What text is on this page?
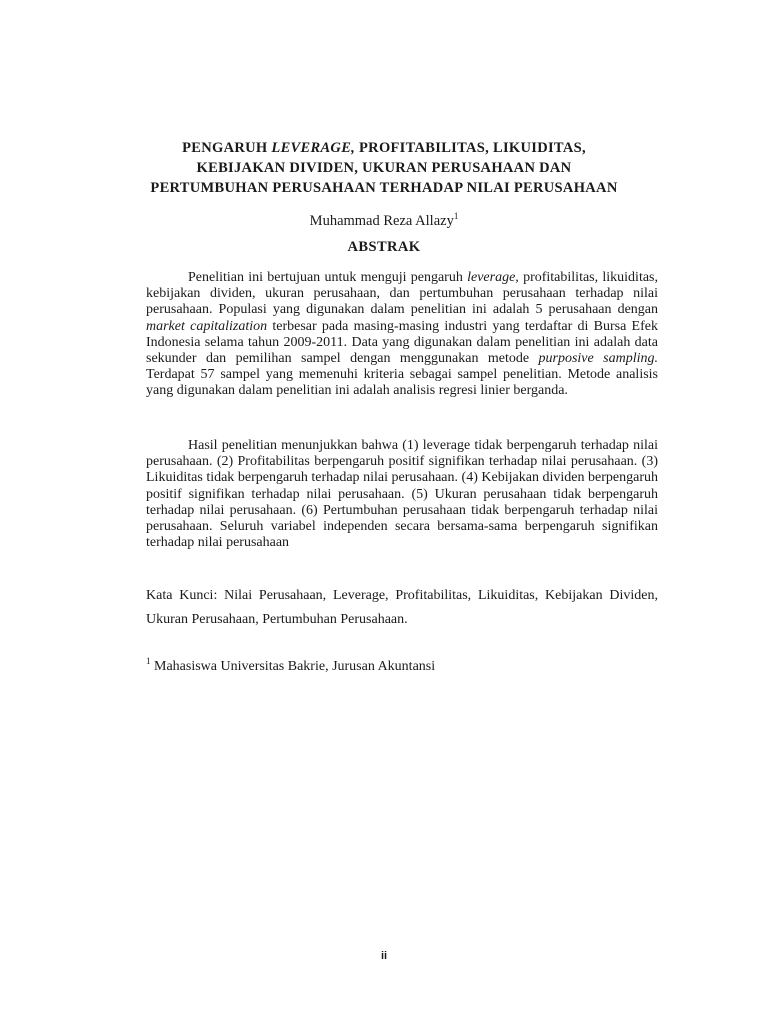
PENGARUH LEVERAGE, PROFITABILITAS, LIKUIDITAS,
KEBIJAKAN DIVIDEN, UKURAN PERUSAHAAN DAN
PERTUMBUHAN PERUSAHAAN TERHADAP NILAI PERUSAHAAN
Muhammad Reza Allazy$^1$
ABSTRAK

Penelitian ini bertujuan untuk menguji pengaruh leverage, profitabilitas, likuiditas, kebijakan dividen, ukuran perusahaan, dan pertumbuhan perusahaan terhadap nilai perusahaan. Populasi yang digunakan dalam penelitian ini adalah 5 perusahaan dengan market capitalization terbesar pada masing-masing industri yang terdaftar di Bursa Efek Indonesia selama tahun 2009-2011. Data yang digunakan dalam penelitian ini adalah data sekunder dan pemilihan sampel dengan menggunakan metode purposive sampling. Terdapat 57 sampel yang memenuhi kriteria sebagai sampel penelitian. Metode analisis yang digunakan dalam penelitian ini adalah analisis regresi linier berganda.

Hasil penelitian menunjukkan bahwa (1) leverage tidak berpengaruh terhadap nilai perusahaan. (2) Profitabilitas berpengaruh positif signifikan terhadap nilai perusahaan. (3) Likuiditas tidak berpengaruh terhadap nilai perusahaan. (4) Kebijakan dividen berpengaruh positif signifikan terhadap nilai perusahaan. (5) Ukuran perusahaan tidak berpengaruh terhadap nilai perusahaan. (6) Pertumbuhan perusahaan tidak berpengaruh terhadap nilai perusahaan. Seluruh variabel independen secara bersama-sama berpengaruh signifikan terhadap nilai perusahaan

Kata Kunci: Nilai Perusahaan, Leverage, Profitabilitas, Likuiditas, Kebijakan Dividen, Ukuran Perusahaan, Pertumbuhan Perusahaan.

$^1$ Mahasiswa Universitas Bakrie, Jurusan Akuntansi

ii
